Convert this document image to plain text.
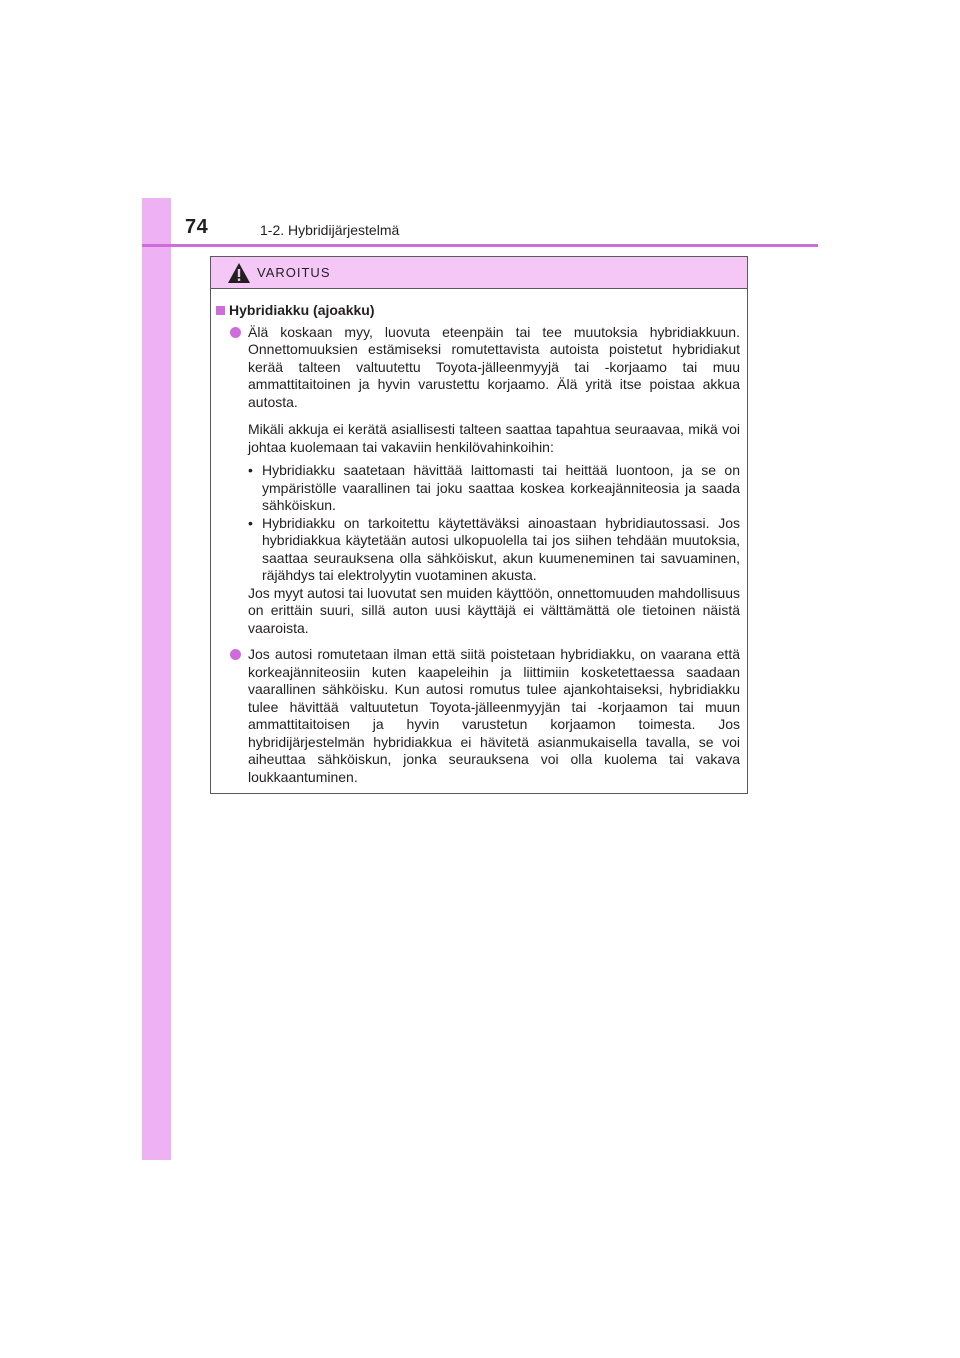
74	1-2. Hybridijärjestelmä
VAROITUS
Hybridiakku (ajoakku)

Älä koskaan myy, luovuta eteenpäin tai tee muutoksia hybridiakkuun. Onnettomuuksien estämiseksi romutettavista autoista poistetut hybridiakut kerää talteen valtuutettu Toyota-jälleenmyyjä tai -korjaamo tai muu ammattitaitoinen ja hyvin varustettu korjaamo. Älä yritä itse poistaa akkua autosta.

Mikäli akkuja ei kerätä asiallisesti talteen saattaa tapahtua seuraavaa, mikä voi johtaa kuolemaan tai vakaviin henkilövahinkoihin:

• Hybridiakku saatetaan hävittää laittomasti tai heittää luontoon, ja se on ympäristölle vaarallinen tai joku saattaa koskea korkeajänniteosia ja saada sähköiskun.
• Hybridiakku on tarkoitettu käytettäväksi ainoastaan hybridiautossasi. Jos hybridiakkua käytetään autosi ulkopuolella tai jos siihen tehdään muutoksia, saattaa seurauksena olla sähköiskut, akun kuumeneminen tai savuaminen, räjähdys tai elektrolyytin vuotaminen akusta.

Jos myyt autosi tai luovutat sen muiden käyttöön, onnettomuuden mahdollisuus on erittäin suuri, sillä auton uusi käyttäjä ei välttämättä ole tietoinen näistä vaaroista.

Jos autosi romutetaan ilman että siitä poistetaan hybridiakku, on vaarana että korkeajänniteosiin kuten kaapeleihin ja liittimiin kosketettaessa saadaan vaarallinen sähköisku. Kun autosi romutus tulee ajankohtaiseksi, hybridiakku tulee hävittää valtuutetun Toyota-jälleenmyyjän tai -korjaamon tai muun ammattitaitoisen ja hyvin varustetun korjaamon toimesta. Jos hybridijärjestelmän hybridiakkua ei hävitetä asianmukaisella tavalla, se voi aiheuttaa sähköiskun, jonka seurauksena voi olla kuolema tai vakava loukkaantuminen.
